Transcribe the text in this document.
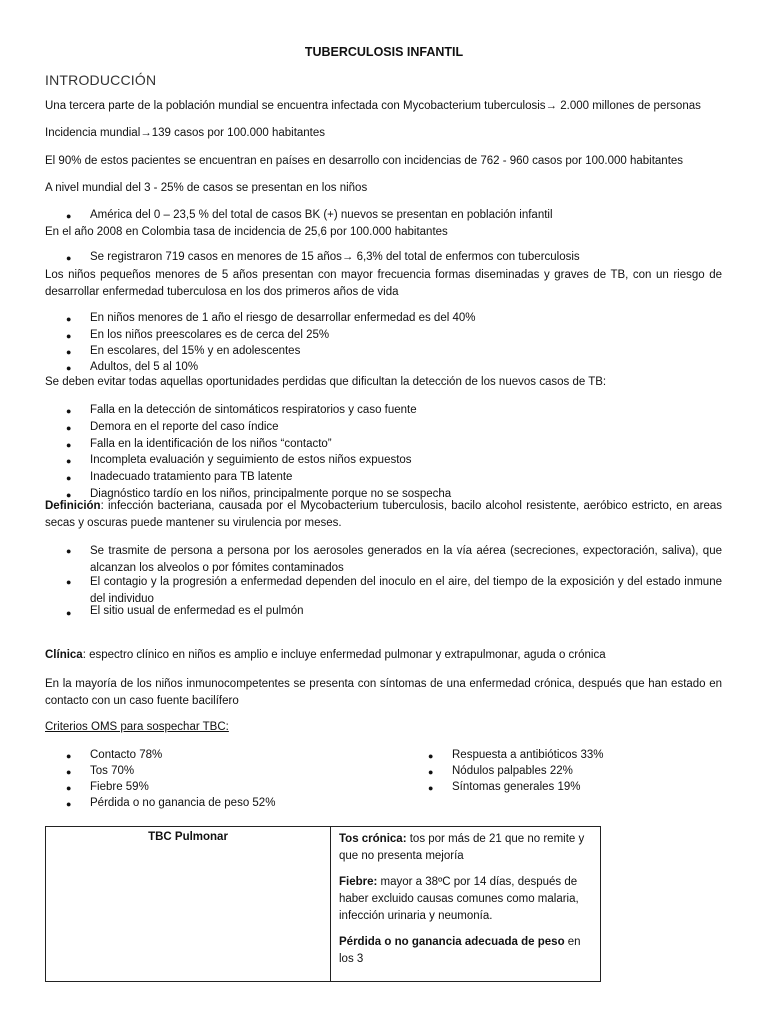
TUBERCULOSIS INFANTIL
INTRODUCCIÓN
Una tercera parte de la población mundial se encuentra infectada con Mycobacterium tuberculosis→ 2.000 millones de personas
Incidencia mundial→139 casos por 100.000 habitantes
El 90% de estos pacientes se encuentran en países en desarrollo con incidencias de 762 - 960 casos por 100.000 habitantes
A nivel mundial del 3 - 25% de casos se presentan en los niños
● América del 0 – 23,5 % del total de casos BK (+) nuevos se presentan en población infantil
En el año 2008 en Colombia tasa de incidencia de 25,6 por 100.000 habitantes
● Se registraron 719 casos en menores de 15 años→ 6,3% del total de enfermos con tuberculosis
Los niños pequeños menores de 5 años presentan con mayor frecuencia formas diseminadas y graves de TB, con un riesgo de desarrollar enfermedad tuberculosa en los dos primeros años de vida
● En niños menores de 1 año el riesgo de desarrollar enfermedad es del 40%
● En los niños preescolares es de cerca del 25%
● En escolares, del 15% y en adolescentes
● Adultos, del 5 al 10%
Se deben evitar todas aquellas oportunidades perdidas que dificultan la detección de los nuevos casos de TB:
● Falla en la detección de sintomáticos respiratorios y caso fuente
● Demora en el reporte del caso índice
● Falla en la identificación de los niños “contacto”
● Incompleta evaluación y seguimiento de estos niños expuestos
● Inadecuado tratamiento para TB latente
● Diagnóstico tardío en los niños, principalmente porque no se sospecha
Definición: infección bacteriana, causada por el Mycobacterium tuberculosis, bacilo alcohol resistente, aeróbico estricto, en areas secas y oscuras puede mantener su virulencia por meses.
● Se trasmite de persona a persona por los aerosoles generados en la vía aérea (secreciones, expectoración, saliva), que alcanzan los alveolos o por fómites contaminados
● El contagio y la progresión a enfermedad dependen del inoculo en el aire, del tiempo de la exposición y del estado inmune del individuo
● El sitio usual de enfermedad es el pulmón
Clínica: espectro clínico en niños es amplio e incluye enfermedad pulmonar y extrapulmonar, aguda o crónica
En la mayoría de los niños inmunocompetentes se presenta con síntomas de una enfermedad crónica, después que han estado en contacto con un caso fuente bacilífero
Criterios OMS para sospechar TBC:
● Contacto 78%
● Tos 70%
● Fiebre 59%
● Pérdida o no ganancia de peso 52%
● Respuesta a antibióticos 33%
● Nódulos palpables 22%
● Síntomas generales 19%
TBC Pulmonar	Tos crónica: tos por más de 21 que no remite y que no presenta mejoría

Fiebre: mayor a 38ºC por 14 días, después de haber excluido causas comunes como malaria, infección urinaria y neumonía.

Pérdida o no ganancia adecuada de peso en los 3
